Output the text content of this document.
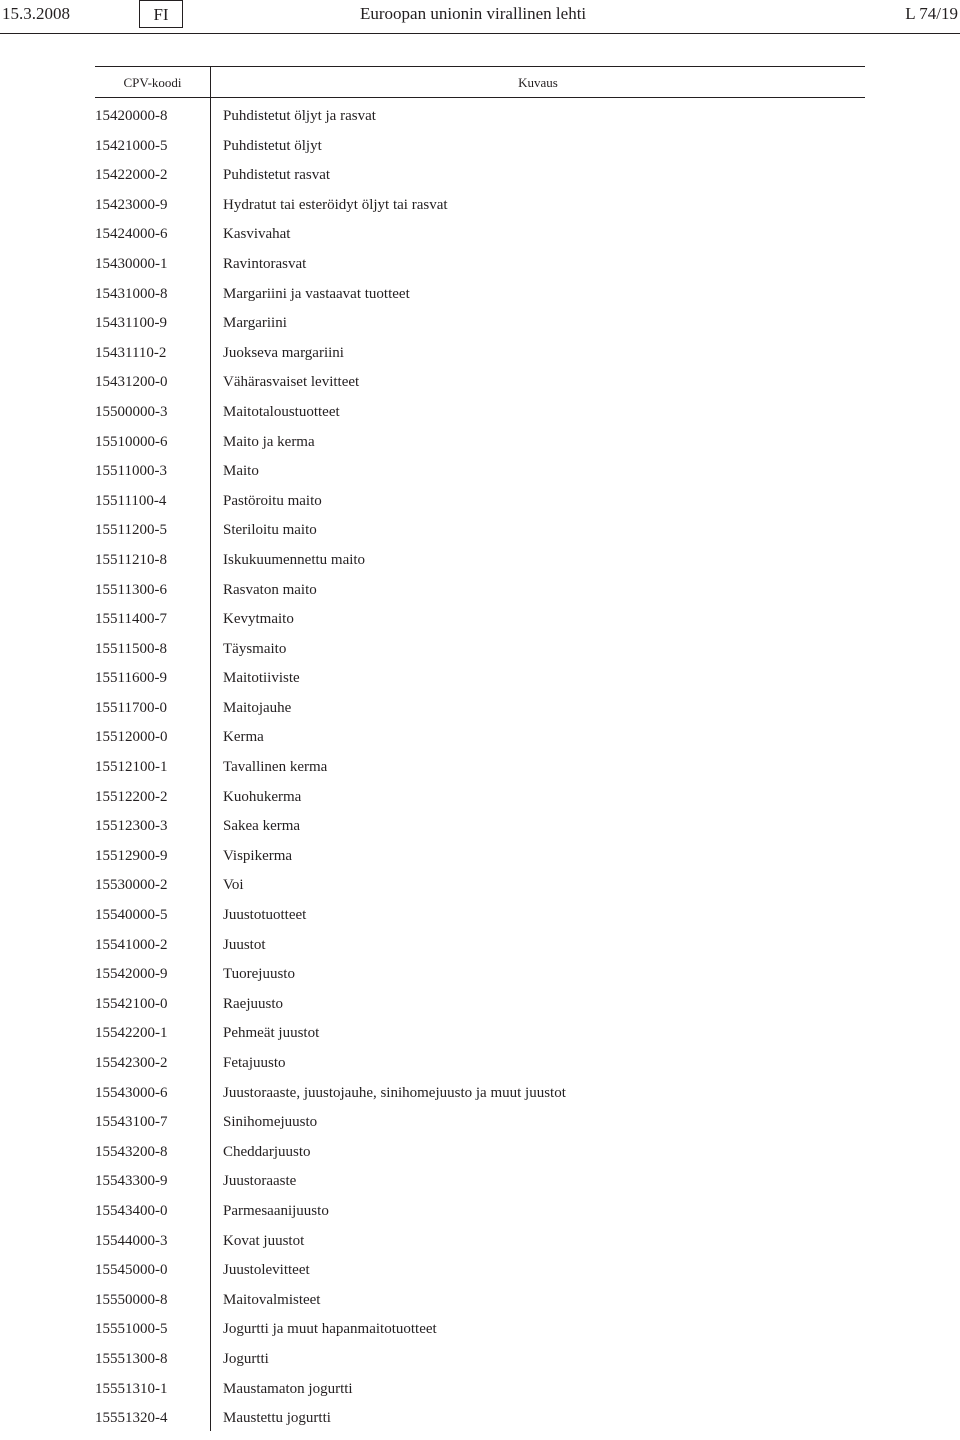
15.3.2008	FI	Euroopan unionin virallinen lehti	L 74/19
CPV-koodi	Kuvaus
15420000-8	Puhdistetut öljyt ja rasvat
15421000-5	Puhdistetut öljyt
15422000-2	Puhdistetut rasvat
15423000-9	Hydratut tai esteröidyt öljyt tai rasvat
15424000-6	Kasvivahat
15430000-1	Ravintorasvat
15431000-8	Margariini ja vastaavat tuotteet
15431100-9	Margariini
15431110-2	Juokseva margariini
15431200-0	Vähärasvaiset levitteet
15500000-3	Maitotaloustuotteet
15510000-6	Maito ja kerma
15511000-3	Maito
15511100-4	Pastöroitu maito
15511200-5	Steriloitu maito
15511210-8	Iskukuumennettu maito
15511300-6	Rasvaton maito
15511400-7	Kevytmaito
15511500-8	Täysmaito
15511600-9	Maitotiiviste
15511700-0	Maitojauhe
15512000-0	Kerma
15512100-1	Tavallinen kerma
15512200-2	Kuohukerma
15512300-3	Sakea kerma
15512900-9	Vispikerma
15530000-2	Voi
15540000-5	Juustotuotteet
15541000-2	Juustot
15542000-9	Tuorejuusto
15542100-0	Raejuusto
15542200-1	Pehmeät juustot
15542300-2	Fetajuusto
15543000-6	Juustoraaste, juustojauhe, sinihomejuusto ja muut juustot
15543100-7	Sinihomejuusto
15543200-8	Cheddarjuusto
15543300-9	Juustoraaste
15543400-0	Parmesaanijuusto
15544000-3	Kovat juustot
15545000-0	Juustolevitteet
15550000-8	Maitovalmisteet
15551000-5	Jogurtti ja muut hapanmaitotuotteet
15551300-8	Jogurtti
15551310-1	Maustamaton jogurtti
15551320-4	Maustettu jogurtti
